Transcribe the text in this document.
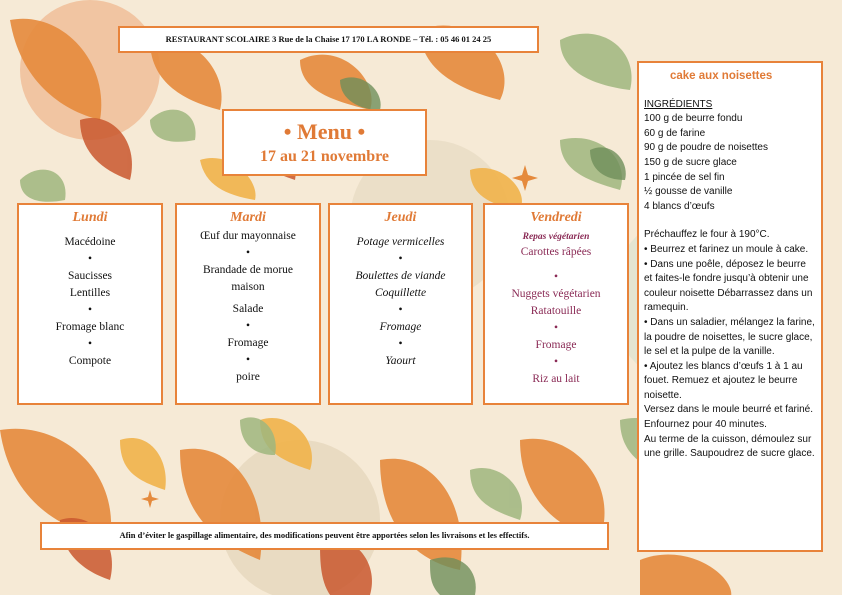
RESTAURANT SCOLAIRE 3 Rue de la Chaise 17 170 LA RONDE – Tél. : 05 46 01 24 25
• Menu •
17 au 21 novembre
Lundi
Macédoine
•
Saucisses
Lentilles
•
Fromage blanc
•
Compote
Mardi
Œuf dur mayonnaise
•
Brandade de morue
maison
Salade
•
Fromage
•
poire
Jeudi
Potage vermicelles
•
Boulettes de viande
Coquillette
•
Fromage
•
Yaourt
Vendredi
Repas végétarien
Carottes râpées
•
Nuggets végétarien
Ratatouille
•
Fromage
•
Riz au lait
Afin d’éviter le gaspillage alimentaire, des modifications peuvent être apportées selon les livraisons et les effectifs.
cake aux noisettes
INGRÉDIENTS
100 g de beurre fondu
60 g de farine
90 g de poudre de noisettes
150 g de sucre glace
1 pincée de sel fin
½ gousse de vanille
4 blancs d’œufs
Préchauffez le four à 190°C.
• Beurrez et farinez un moule à cake.
• Dans une poêle, déposez le beurre et faites-le fondre jusqu’à obtenir une couleur noisette Débarrassez dans un ramequin.
• Dans un saladier, mélangez la farine, la poudre de noisettes, le sucre glace, le sel et la pulpe de la vanille.
• Ajoutez les blancs d’œufs 1 à 1 au fouet. Remuez et ajoutez le beurre noisette.
Versez dans le moule beurré et fariné.
Enfournez pour 40 minutes.
Au terme de la cuisson, démoulez sur une grille. Saupoudrez de sucre glace.
